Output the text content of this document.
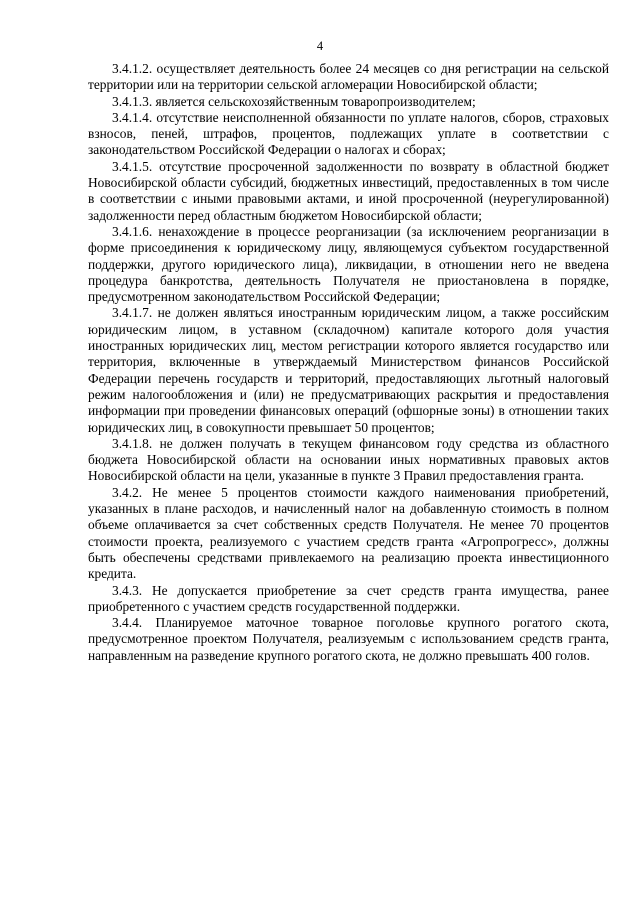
4

3.4.1.2. осуществляет деятельность более 24 месяцев со дня регистрации на сельской территории или на территории сельской агломерации Новосибирской области;

3.4.1.3. является сельскохозяйственным товаропроизводителем;

3.4.1.4. отсутствие неисполненной обязанности по уплате налогов, сборов, страховых взносов, пеней, штрафов, процентов, подлежащих уплате в соответствии с законодательством Российской Федерации о налогах и сборах;

3.4.1.5. отсутствие просроченной задолженности по возврату в областной бюджет Новосибирской области субсидий, бюджетных инвестиций, предоставленных в том числе в соответствии с иными правовыми актами, и иной просроченной (неурегулированной) задолженности перед областным бюджетом Новосибирской области;

3.4.1.6. ненахождение в процессе реорганизации (за исключением реорганизации в форме присоединения к юридическому лицу, являющемуся субъектом государственной поддержки, другого юридического лица), ликвидации, в отношении него не введена процедура банкротства, деятельность Получателя не приостановлена в порядке, предусмотренном законодательством Российской Федерации;

3.4.1.7. не должен являться иностранным юридическим лицом, а также российским юридическим лицом, в уставном (складочном) капитале которого доля участия иностранных юридических лиц, местом регистрации которого является государство или территория, включенные в утверждаемый Министерством финансов Российской Федерации перечень государств и территорий, предоставляющих льготный налоговый режим налогообложения и (или) не предусматривающих раскрытия и предоставления информации при проведении финансовых операций (офшорные зоны) в отношении таких юридических лиц, в совокупности превышает 50 процентов;

3.4.1.8. не должен получать в текущем финансовом году средства из областного бюджета Новосибирской области на основании иных нормативных правовых актов Новосибирской области на цели, указанные в пункте 3 Правил предоставления гранта.

3.4.2. Не менее 5 процентов стоимости каждого наименования приобретений, указанных в плане расходов, и начисленный налог на добавленную стоимость в полном объеме оплачивается за счет собственных средств Получателя. Не менее 70 процентов стоимости проекта, реализуемого с участием средств гранта «Агропрогресс», должны быть обеспечены средствами привлекаемого на реализацию проекта инвестиционного кредита.

3.4.3. Не допускается приобретение за счет средств гранта имущества, ранее приобретенного с участием средств государственной поддержки.

3.4.4. Планируемое маточное товарное поголовье крупного рогатого скота, предусмотренное проектом Получателя, реализуемым с использованием средств гранта, направленным на разведение крупного рогатого скота, не должно превышать 400 голов.
